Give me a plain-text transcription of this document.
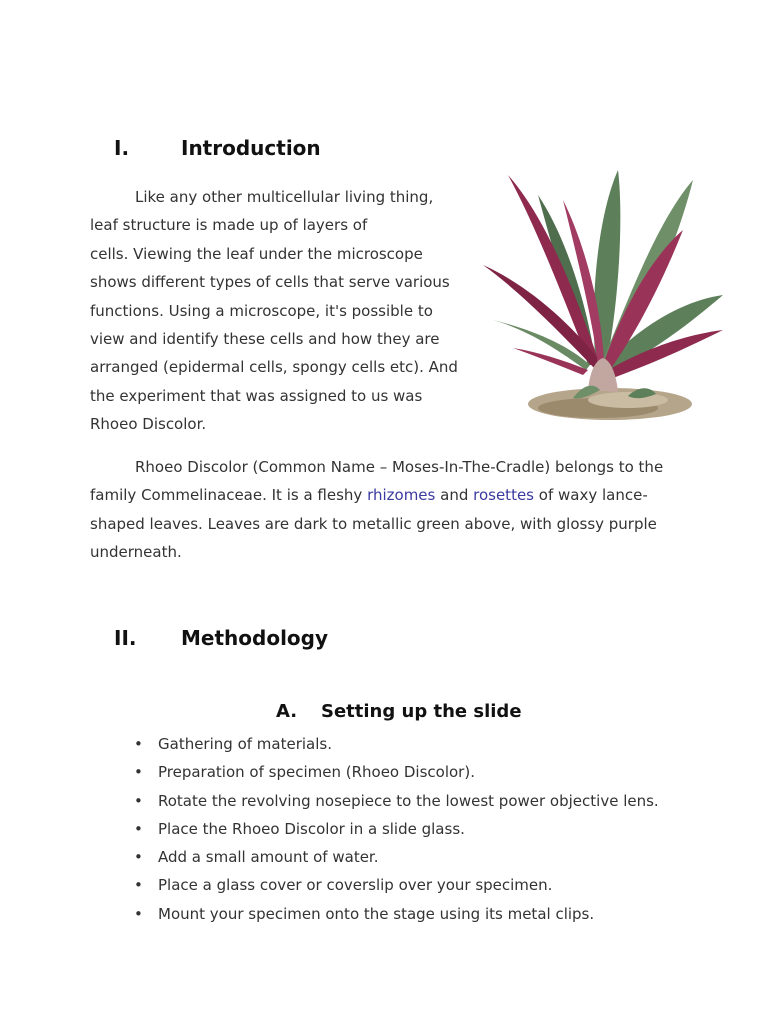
I.	Introduction
Like any other multicellular living thing,
leaf structure is made up of layers of
cells. Viewing the leaf under the microscope
shows different types of cells that serve various
functions. Using a microscope, it's possible to
view and identify these cells and how they are
arranged (epidermal cells, spongy cells etc). And
the experiment that was assigned to us was
Rhoeo Discolor.
Rhoeo Discolor (Common Name – Moses-In-The-Cradle) belongs to the
family Commelinaceae. It is a fleshy rhizomes and rosettes of waxy lance-
shaped leaves. Leaves are dark to metallic green above, with glossy purple
underneath.
II. Methodology
A. Setting up the slide
• Gathering of materials.
• Preparation of specimen (Rhoeo Discolor).
• Rotate the revolving nosepiece to the lowest power objective lens.
• Place the Rhoeo Discolor in a slide glass.
• Add a small amount of water.
• Place a glass cover or coverslip over your specimen.
• Mount your specimen onto the stage using its metal clips.
